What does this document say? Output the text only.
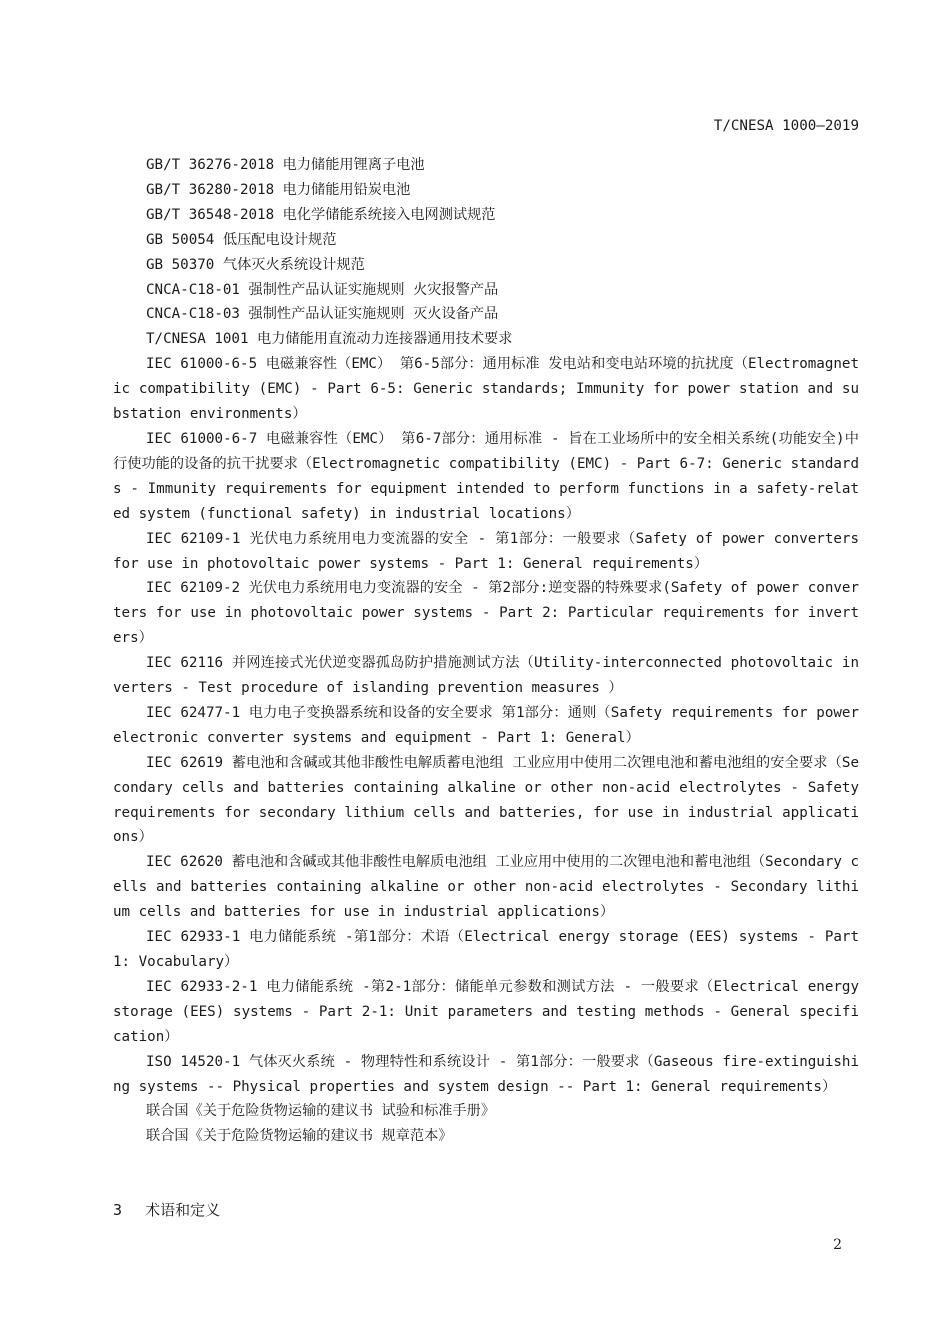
T/CNESA 1000—2019

GB/T 36276-2018 电力储能用锂离子电池

GB/T 36280-2018 电力储能用铅炭电池

GB/T 36548-2018 电化学储能系统接入电网测试规范

GB 50054 低压配电设计规范

GB 50370 气体灭火系统设计规范

CNCA-C18-01 强制性产品认证实施规则 火灾报警产品

CNCA-C18-03 强制性产品认证实施规则 灭火设备产品

T/CNESA 1001 电力储能用直流动力连接器通用技术要求

IEC 61000-6-5 电磁兼容性（EMC） 第6-5部分：通用标准 发电站和变电站环境的抗扰度（Electromagnetic compatibility (EMC) - Part 6-5: Generic standards; Immunity for power station and substation environments）

IEC 61000-6-7 电磁兼容性（EMC） 第6-7部分：通用标准 - 旨在工业场所中的安全相关系统(功能安全)中行使功能的设备的抗干扰要求（Electromagnetic compatibility (EMC) - Part 6-7: Generic standards - Immunity requirements for equipment intended to perform functions in a safety-related system (functional safety) in industrial locations）

IEC 62109-1 光伏电力系统用电力变流器的安全 - 第1部分：一般要求（Safety of power converters for use in photovoltaic power systems - Part 1: General requirements）

IEC 62109-2 光伏电力系统用电力变流器的安全 - 第2部分:逆变器的特殊要求(Safety of power converters for use in photovoltaic power systems - Part 2: Particular requirements for inverters）

IEC 62116 并网连接式光伏逆变器孤岛防护措施测试方法（Utility-interconnected photovoltaic inverters - Test procedure of islanding prevention measures ）

IEC 62477-1 电力电子变换器系统和设备的安全要求 第1部分：通则（Safety requirements for power electronic converter systems and equipment - Part 1: General）

IEC 62619 蓄电池和含碱或其他非酸性电解质蓄电池组 工业应用中使用二次锂电池和蓄电池组的安全要求（Secondary cells and batteries containing alkaline or other non-acid electrolytes - Safety requirements for secondary lithium cells and batteries, for use in industrial applications）

IEC 62620 蓄电池和含碱或其他非酸性电解质电池组 工业应用中使用的二次锂电池和蓄电池组（Secondary cells and batteries containing alkaline or other non-acid electrolytes - Secondary lithium cells and batteries for use in industrial applications）

IEC 62933-1 电力储能系统 -第1部分：术语（Electrical energy storage (EES) systems - Part 1: Vocabulary）

IEC 62933-2-1 电力储能系统 -第2-1部分：储能单元参数和测试方法 - 一般要求（Electrical energy storage (EES) systems - Part 2-1: Unit parameters and testing methods - General specification）

ISO 14520-1 气体灭火系统 - 物理特性和系统设计 - 第1部分：一般要求（Gaseous fire-extinguishing systems -- Physical properties and system design -- Part 1: General requirements）

联合国《关于危险货物运输的建议书 试验和标准手册》

联合国《关于危险货物运输的建议书 规章范本》

3 术语和定义
2
